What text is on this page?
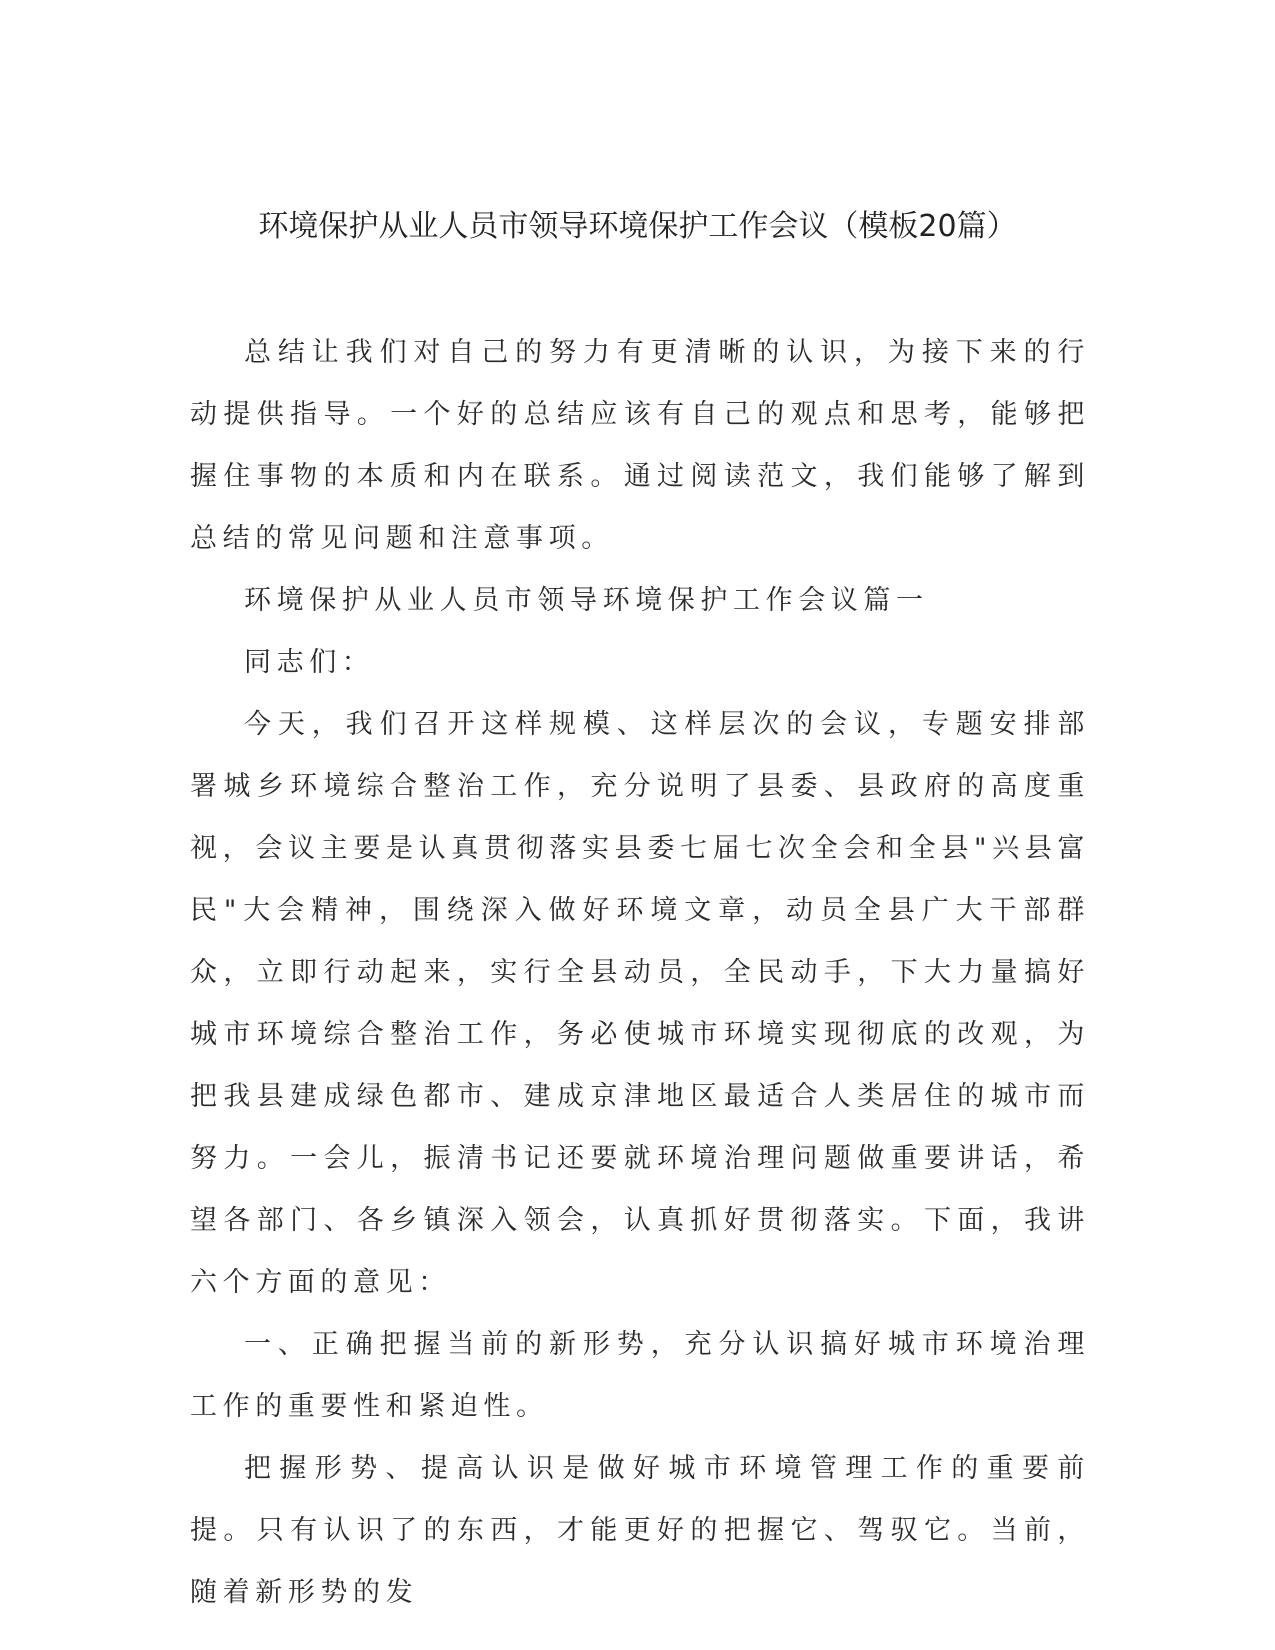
环境保护从业人员市领导环境保护工作会议（模板20篇）

总结让我们对自己的努力有更清晰的认识，为接下来的行动提供指导。一个好的总结应该有自己的观点和思考，能够把握住事物的本质和内在联系。通过阅读范文，我们能够了解到总结的常见问题和注意事项。

环境保护从业人员市领导环境保护工作会议篇一

同志们：

今天，我们召开这样规模、这样层次的会议，专题安排部署城乡环境综合整治工作，充分说明了县委、县政府的高度重视，会议主要是认真贯彻落实县委七届七次全会和全县"兴县富民"大会精神，围绕深入做好环境文章，动员全县广大干部群众，立即行动起来，实行全县动员，全民动手，下大力量搞好城市环境综合整治工作，务必使城市环境实现彻底的改观，为把我县建成绿色都市、建成京津地区最适合人类居住的城市而努力。一会儿，振清书记还要就环境治理问题做重要讲话，希望各部门、各乡镇深入领会，认真抓好贯彻落实。下面，我讲六个方面的意见：

一、正确把握当前的新形势，充分认识搞好城市环境治理工作的重要性和紧迫性。

把握形势、提高认识是做好城市环境管理工作的重要前提。只有认识了的东西，才能更好的把握它、驾驭它。当前，随着新形势的发
